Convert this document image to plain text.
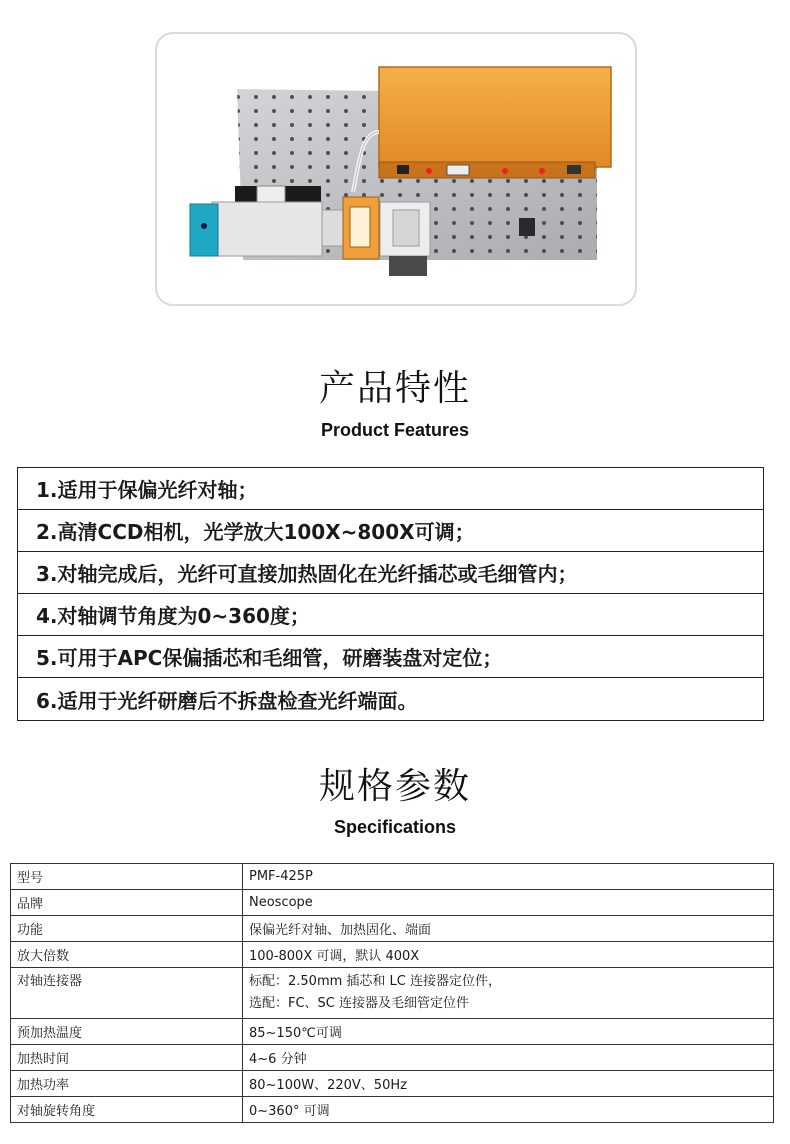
产品特性
Product Features
1.适用于保偏光纤对轴；
2.高清CCD相机，光学放大100X~800X可调；
3.对轴完成后，光纤可直接加热固化在光纤插芯或毛细管内；
4.对轴调节角度为0~360度；
5.可用于APC保偏插芯和毛细管，研磨装盘对定位；
6.适用于光纤研磨后不拆盘检查光纤端面。
规格参数
Specifications
型号	PMF-425P
品牌	Neoscope
功能	保偏光纤对轴、加热固化、端面
放大倍数	100-800X 可调，默认 400X
对轴连接器	标配：2.50mm 插芯和 LC 连接器定位件，
选配：FC、SC 连接器及毛细管定位件

预加热温度	85~150℃可调
加热时间	4~6 分钟
加热功率	80~100W、220V、50Hz
对轴旋转角度	0~360° 可调
